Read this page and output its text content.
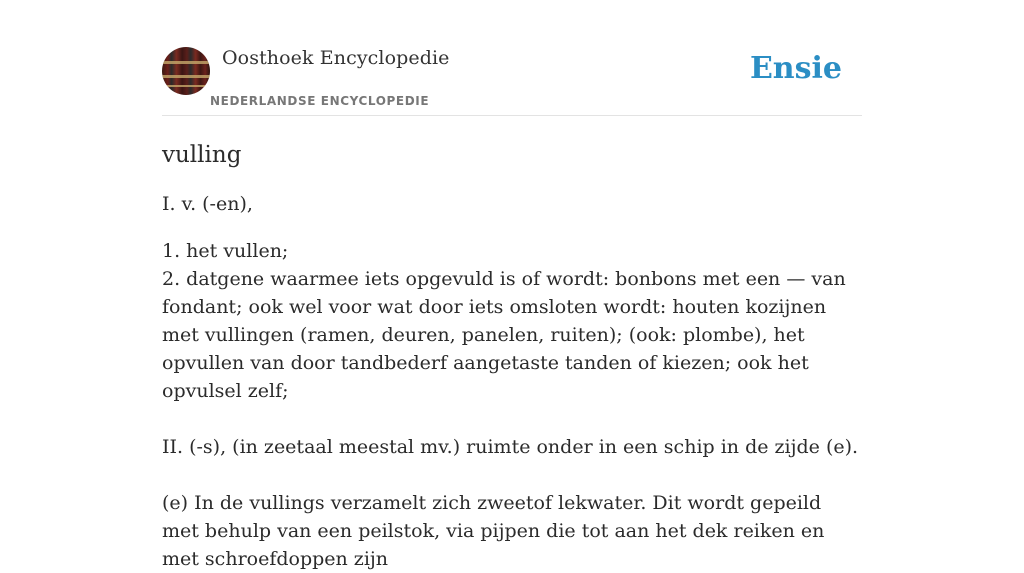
Oosthoek Encyclopedie
NEDERLANDSE ENCYCLOPEDIE
Ensie
vulling

I. v. (-en),

1. het vullen;

2. datgene waarmee iets opgevuld is of wordt: bonbons met een — van fondant; ook wel voor wat door iets omsloten wordt: houten kozijnen met vullingen (ramen, deuren, panelen, ruiten); (ook: plombe), het opvullen van door tandbederf aangetaste tanden of kiezen; ook het opvulsel zelf;

II. (-s), (in zeetaal meestal mv.) ruimte onder in een schip in de zijde (e).

(e) In de vullings verzamelt zich zweetof lekwater. Dit wordt gepeild met behulp van een peilstok, via pijpen die tot aan het dek reiken en met schroefdoppen zijn
